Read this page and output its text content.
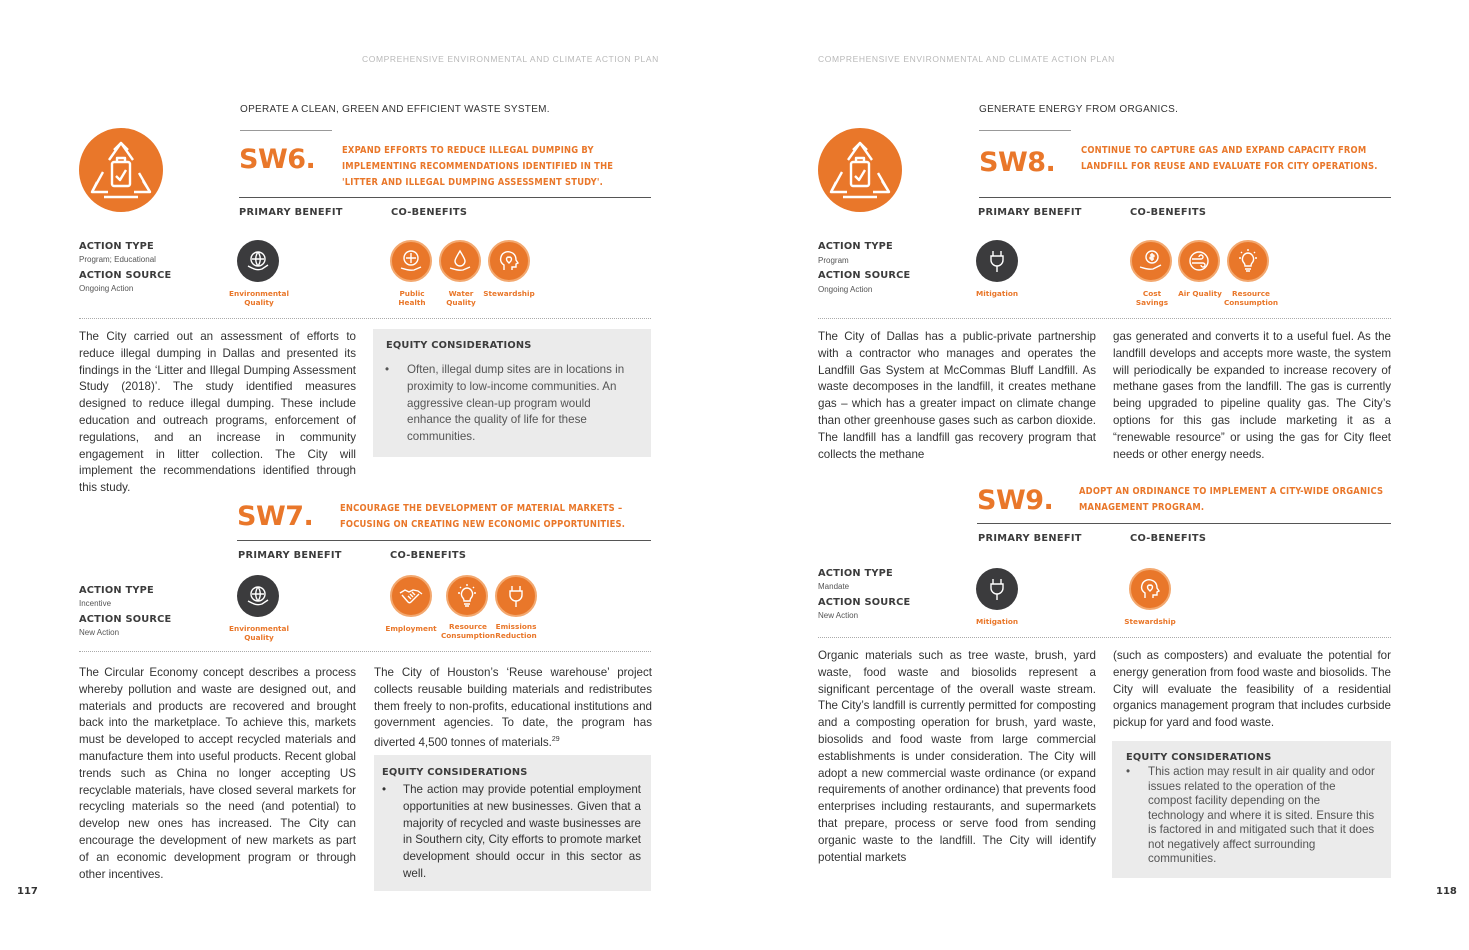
COMPREHENSIVE ENVIRONMENTAL AND CLIMATE ACTION PLAN
OPERATE A CLEAN, GREEN AND EFFICIENT WASTE SYSTEM.
SW6.	EXPAND EFFORTS TO REDUCE ILLEGAL DUMPING BY IMPLEMENTING RECOMMENDATIONS IDENTIFIED IN THE 'LITTER AND ILLEGAL DUMPING ASSESSMENT STUDY'.
PRIMARY BENEFIT	CO-BENEFITS
ACTION TYPE
Program; Educational
ACTION SOURCE
Ongoing Action
Environmental Quality
Public Health
Water Quality
Stewardship
The City carried out an assessment of efforts to reduce illegal dumping in Dallas and presented its findings in the ‘Litter and Illegal Dumping Assessment Study (2018)’. The study identified measures designed to reduce illegal dumping. These include education and outreach programs, enforcement of regulations, and an increase in community engagement in litter collection. The City will implement the recommendations identified through this study.
EQUITY CONSIDERATIONS
• Often, illegal dump sites are in locations in proximity to low-income communities. An aggressive clean-up program would enhance the quality of life for these communities.
SW7.	ENCOURAGE THE DEVELOPMENT OF MATERIAL MARKETS – FOCUSING ON CREATING NEW ECONOMIC OPPORTUNITIES.
PRIMARY BENEFIT	CO-BENEFITS
ACTION TYPE
Incentive
ACTION SOURCE
New Action	Environmental Quality
Employment	Resource Consumption
Emissions Reduction
The Circular Economy concept describes a process whereby pollution and waste are designed out, and materials and products are recovered and brought back into the marketplace. To achieve this, markets must be developed to accept recycled materials and manufacture them into useful products. Recent global trends such as China no longer accepting US recyclable materials, have closed several markets for recycling materials so the need (and potential) to develop new ones has increased. The City can encourage the development of new markets as part of an economic development program or through other incentives.
The City of Houston’s ‘Reuse warehouse’ project collects reusable building materials and redistributes them freely to non-profits, educational institutions and government agencies. To date, the program has diverted 4,500 tonnes of materials.$^{29}$
EQUITY CONSIDERATIONS
• The action may provide potential employment opportunities at new businesses. Given that a majority of recycled and waste businesses are in Southern city, City efforts to promote market development should occur in this sector as well.
117
COMPREHENSIVE ENVIRONMENTAL AND CLIMATE ACTION PLAN
GENERATE ENERGY FROM ORGANICS.
SW8.	CONTINUE TO CAPTURE GAS AND EXPAND CAPACITY FROM LANDFILL FOR REUSE AND EVALUATE FOR CITY OPERATIONS.
PRIMARY BENEFIT	CO-BENEFITS
ACTION TYPE
Program
ACTION SOURCE
Ongoing Action	Mitigation	Cost Savings
Air Quality	Resource Consumption
The City of Dallas has a public-private partnership with a contractor who manages and operates the Landfill Gas System at McCommas Bluff Landfill. As waste decomposes in the landfill, it creates methane gas – which has a greater impact on climate change than other greenhouse gases such as carbon dioxide. The landfill has a landfill gas recovery program that collects the methane
gas generated and converts it to a useful fuel. As the landfill develops and accepts more waste, the system will periodically be expanded to increase recovery of methane gases from the landfill. The gas is currently being upgraded to pipeline quality gas. The City’s options for this gas include marketing it as a “renewable resource” or using the gas for City fleet needs or other energy needs.
SW9.	ADOPT AN ORDINANCE TO IMPLEMENT A CITY-WIDE ORGANICS MANAGEMENT PROGRAM.
PRIMARY BENEFIT	CO-BENEFITS
ACTION TYPE
Mandate
ACTION SOURCE
New Action
Mitigation	Stewardship
Organic materials such as tree waste, brush, yard waste, food waste and biosolids represent a significant percentage of the overall waste stream. The City’s landfill is currently permitted for composting and a composting operation for brush, yard waste, biosolids and food waste from large commercial establishments is under consideration. The City will adopt a new commercial waste ordinance (or expand requirements of another ordinance) that prevents food enterprises including restaurants, and supermarkets that prepare, process or serve food from sending organic waste to the landfill. The City will identify potential markets
(such as composters) and evaluate the potential for energy generation from food waste and biosolids. The City will evaluate the feasibility of a residential organics management program that includes curbside pickup for yard and food waste.
EQUITY CONSIDERATIONS
• This action may result in air quality and odor issues related to the operation of the compost facility depending on the technology and where it is sited. Ensure this is factored in and mitigated such that it does not negatively affect surrounding communities.
118
